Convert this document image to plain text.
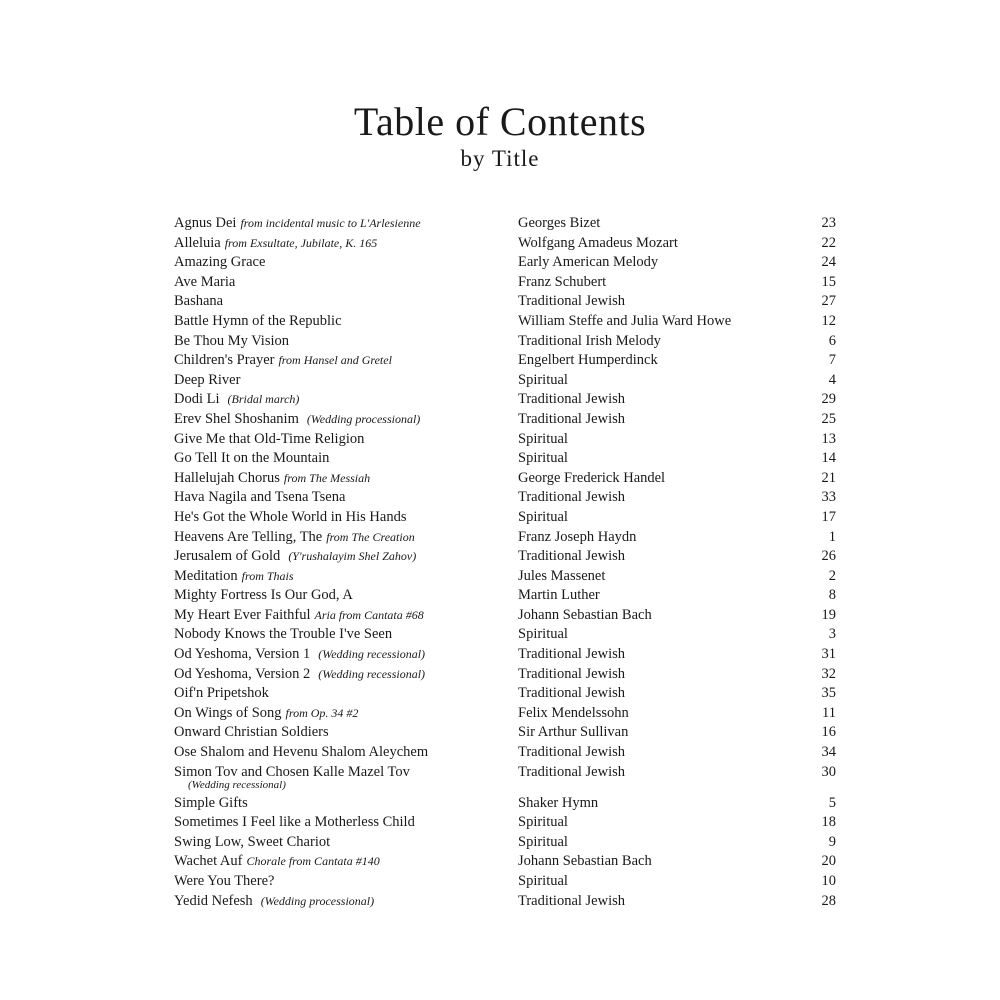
Table of Contents
by Title
Agnus Dei from incidental music to L'Arlesienne	Georges Bizet	23
Alleluia from Exsultate, Jubilate, K. 165	Wolfgang Amadeus Mozart	22
Amazing Grace	Early American Melody	24
Ave Maria	Franz Schubert	15
Bashana	Traditional Jewish	27
Battle Hymn of the Republic	William Steffe and Julia Ward Howe	12
Be Thou My Vision	Traditional Irish Melody	6
Children's Prayer from Hansel and Gretel	Engelbert Humperdinck	7
Deep River	Spiritual	4
Dodi Li (Bridal march)	Traditional Jewish	29
Erev Shel Shoshanim (Wedding processional)	Traditional Jewish	25
Give Me that Old-Time Religion	Spiritual	13
Go Tell It on the Mountain	Spiritual	14
Hallelujah Chorus from The Messiah	George Frederick Handel	21
Hava Nagila and Tsena Tsena	Traditional Jewish	33
He's Got the Whole World in His Hands	Spiritual	17
Heavens Are Telling, The from The Creation	Franz Joseph Haydn	1
Jerusalem of Gold (Y'rushalayim Shel Zahov)	Traditional Jewish	26
Meditation from Thais	Jules Massenet	2
Mighty Fortress Is Our God, A	Martin Luther	8
My Heart Ever Faithful Aria from Cantata #68	Johann Sebastian Bach	19
Nobody Knows the Trouble I've Seen	Spiritual	3
Od Yeshoma, Version 1 (Wedding recessional)	Traditional Jewish	31
Od Yeshoma, Version 2 (Wedding recessional)	Traditional Jewish	32
Oif'n Pripetshok	Traditional Jewish	35
On Wings of Song from Op. 34 #2	Felix Mendelssohn	11
Onward Christian Soldiers	Sir Arthur Sullivan	16
Ose Shalom and Hevenu Shalom Aleychem	Traditional Jewish	34
Simon Tov and Chosen Kalle Mazel Tov
(Wedding recessional)
Traditional Jewish	30
Simple Gifts	Shaker Hymn	5
Sometimes I Feel like a Motherless Child	Spiritual	18
Swing Low, Sweet Chariot	Spiritual	9
Wachet Auf Chorale from Cantata #140	Johann Sebastian Bach	20
Were You There?	Spiritual	10
Yedid Nefesh (Wedding processional)	Traditional Jewish	28
